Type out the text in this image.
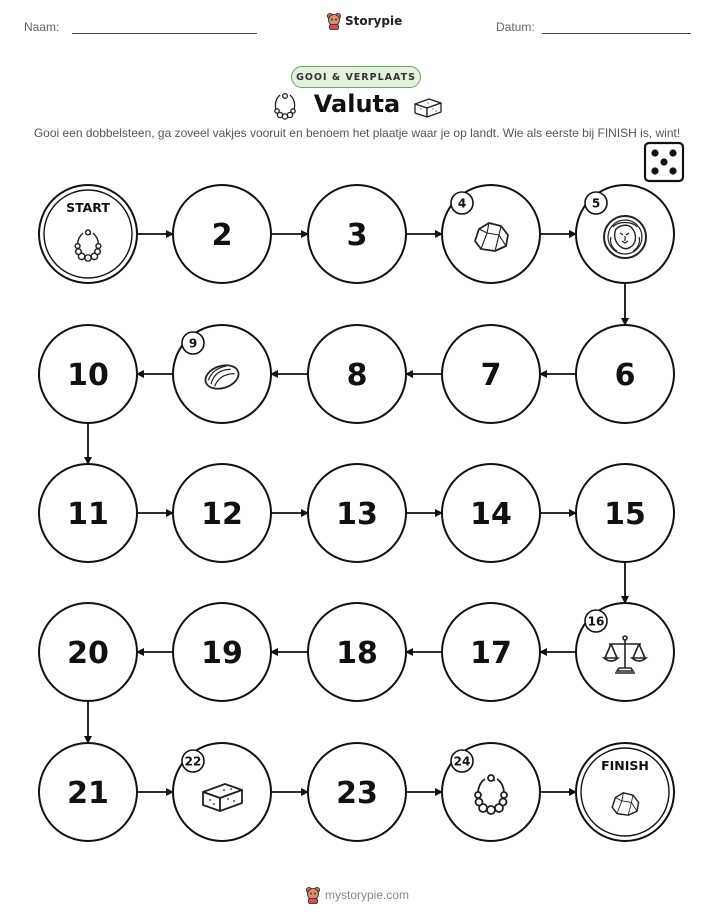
Naam:	Storypie	Datum:
GOOI & VERPLAATS
Valuta
Gooi een dobbelsteen, ga zoveel vakjes vooruit en benoem het plaatje waar je op landt. Wie als eerste bij FINISH is, wint!
START
2	3
4	5
6
7
8
9
10
11	12	13	14	15
16
17
18
19
20
21
22
23
24	FINISH
mystorypie.com
